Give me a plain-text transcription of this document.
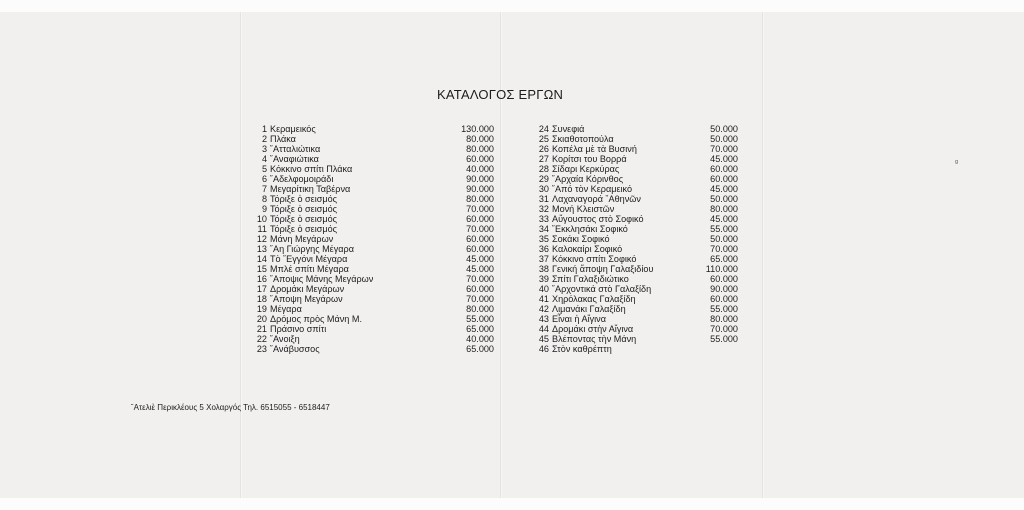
ΚΑΤΑΛΟΓΟΣ ΕΡΓΩΝ
1 Κεραμεικός	130.000
2 Πλάκα	80.000
3 ῎Ατταλιώτικα	80.000
4 ῎Αναφιώτικα	60.000
5 Κόκκινο σπίτι Πλάκα	40.000
6 ῎Αδελφομοιράδι	90.000
7 Μεγαρίτικη Ταβέρνα	90.000
8 Τόριξε ὁ σεισμός	80.000
9 Τόριξε ὁ σεισμός	70.000
10 Τόριξε ὁ σεισμός	60.000
11 Τόριξε ὁ σεισμός	70.000
12 Μάνη Μεγάρων	60.000
13 ῎Αη Γιώργης Μέγαρα	60.000
14 Τὸ ῎Εγγόνι Μέγαρα	45.000
15 Μπλέ σπίτι Μέγαρα	45.000
16 ῎Αποψις Μάνης Μεγάρων	70.000
17 Δρομάκι Μεγάρων	60.000
18 ῎Αποψη Μεγάρων	70.000
19 Μέγαρα	80.000
20 Δρόμος πρὸς Μάνη Μ.	55.000
21 Πράσινο σπίτι	65.000
22 ῎Ανοιξη	40.000
23 ῎Ανάβυσσος	65.000
24 Συνεφιά	50.000
25 Σκιαθοτοπούλα	50.000
26 Κοπέλα μὲ τὰ Βυσινή	70.000
27 Κορίτσι του Βορρά	45.000
28 Σίδαρι Κερκύρας	60.000
29 ῎Αρχαία Κόρινθος	60.000
30 ῎Από τὸν Κεραμεικό	45.000
31 Λαχαναγορά ῎Αθηνῶν	50.000
32 Μονή Κλειστῶν	80.000
33 Αὔγουστος στὸ Σοφικό	45.000
34 ῎Εκκλησάκι Σοφικό	55.000
35 Σοκάκι Σοφικό	50.000
36 Καλοκαίρι Σοφικό	70.000
37 Κόκκινο σπίτι Σοφικό	65.000
38 Γενική ἄποψη Γαλαξιδίου	110.000
39 Σπίτι Γαλαξιδιώτικο	60.000
40 ῎Αρχοντικά στὸ Γαλαξίδη	90.000
41 Χηρόλακας Γαλαξίδη	60.000
42 Λιμανάκι Γαλαξίδη	55.000
43 Εἶναι ἡ Αἴγινα	80.000
44 Δρομάκι στὴν Αἴγινα	70.000
45 Βλέποντας τὴν Μάνη	55.000
46 Στὸν καθρέπτη
῎Ατελιὲ Περικλέους 5 Χολαργός Τηλ. 6515055 - 6518447
ᶢ
